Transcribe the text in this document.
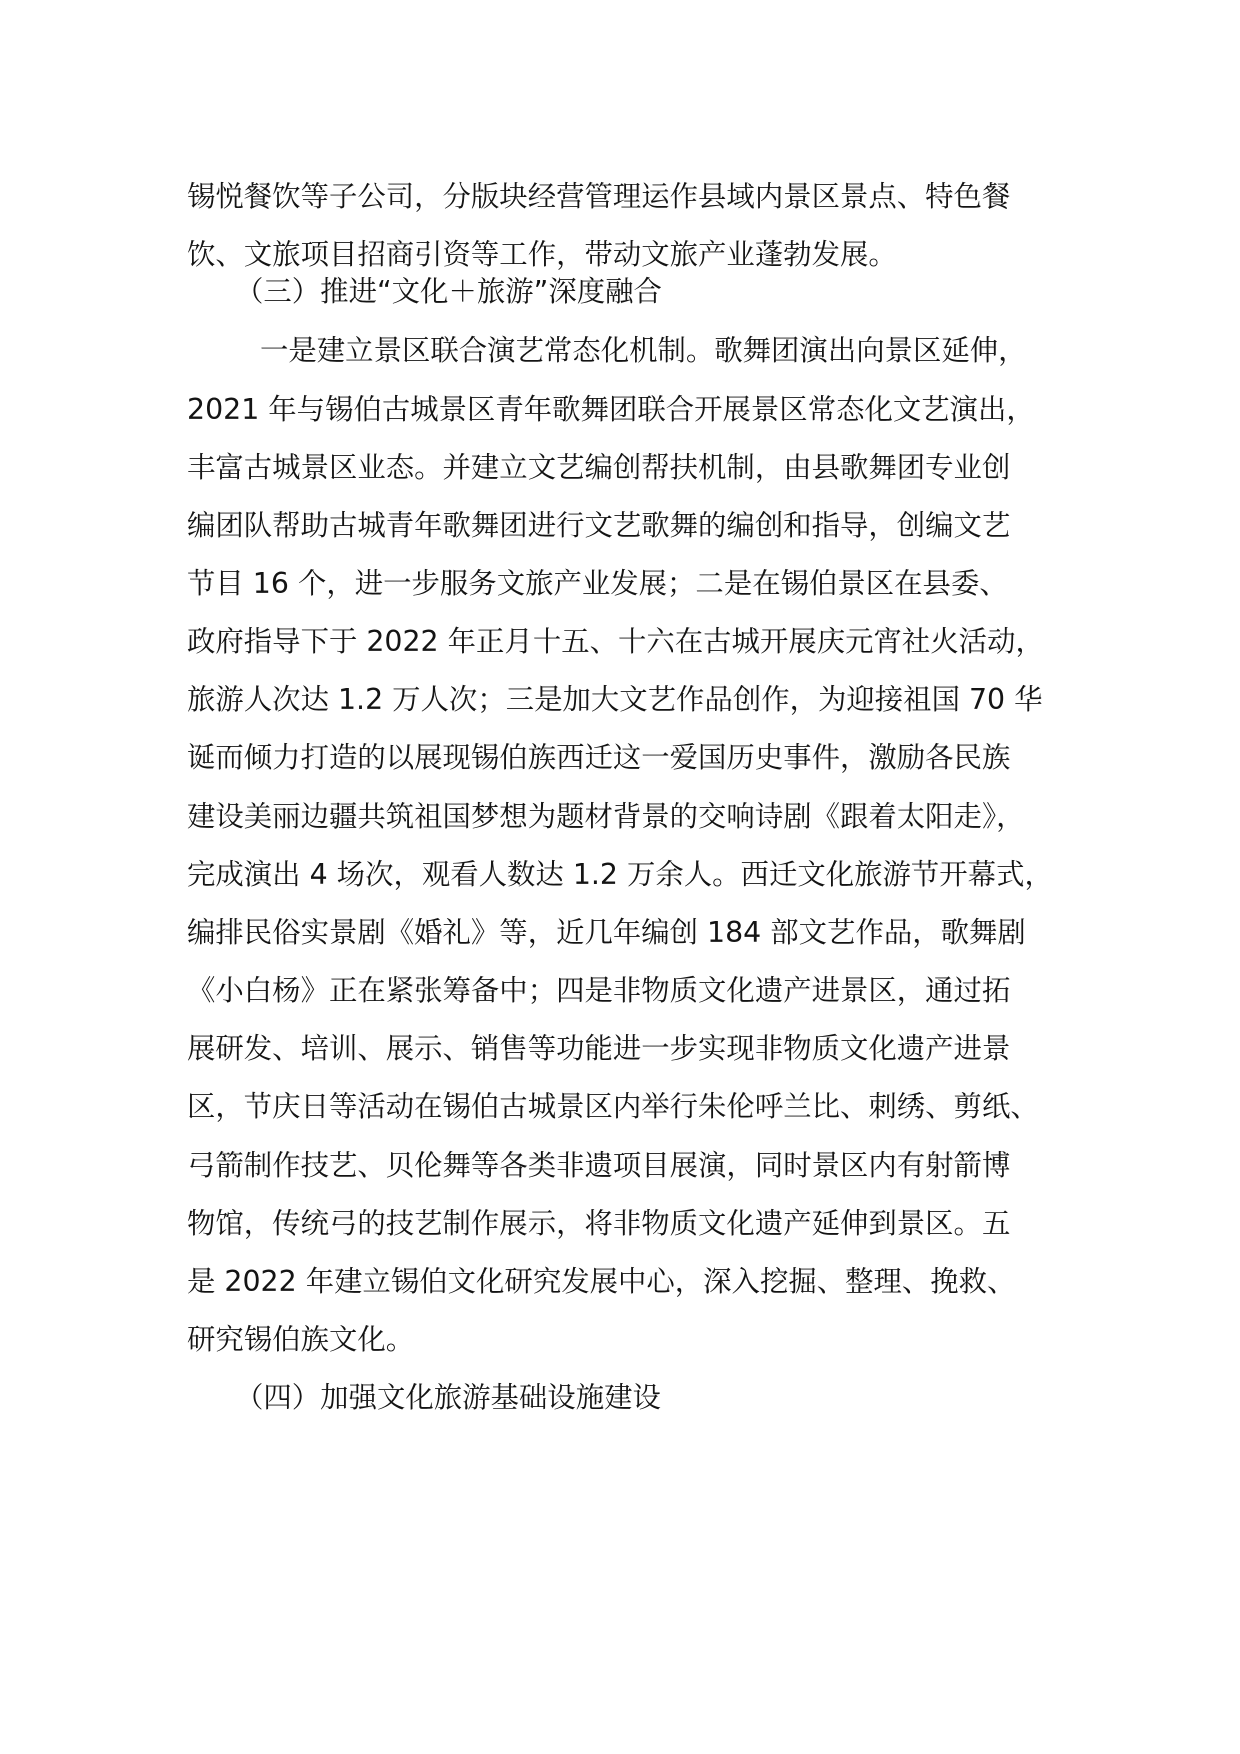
锡悦餐饮等子公司，分版块经营管理运作县域内景区景点、特色餐
饮、文旅项目招商引资等工作，带动文旅产业蓬勃发展。
（三）推进“文化＋旅游”深度融合
一是建立景区联合演艺常态化机制。歌舞团演出向景区延伸，
2021 年与锡伯古城景区青年歌舞团联合开展景区常态化文艺演出，
丰富古城景区业态。并建立文艺编创帮扶机制，由县歌舞团专业创
编团队帮助古城青年歌舞团进行文艺歌舞的编创和指导，创编文艺
节目 16 个，进一步服务文旅产业发展；二是在锡伯景区在县委、
政府指导下于 2022 年正月十五、十六在古城开展庆元宵社火活动，
旅游人次达 1.2 万人次；三是加大文艺作品创作，为迎接祖国 70 华
诞而倾力打造的以展现锡伯族西迁这一爱国历史事件，激励各民族
建设美丽边疆共筑祖国梦想为题材背景的交响诗剧《跟着太阳走》，
完成演出 4 场次，观看人数达 1.2 万余人。西迁文化旅游节开幕式，
编排民俗实景剧《婚礼》等，近几年编创 184 部文艺作品，歌舞剧
《小白杨》正在紧张筹备中；四是非物质文化遗产进景区，通过拓
展研发、培训、展示、销售等功能进一步实现非物质文化遗产进景
区，节庆日等活动在锡伯古城景区内举行朱伦呼兰比、刺绣、剪纸、
弓箭制作技艺、贝伦舞等各类非遗项目展演，同时景区内有射箭博
物馆，传统弓的技艺制作展示，将非物质文化遗产延伸到景区。五
是 2022 年建立锡伯文化研究发展中心，深入挖掘、整理、挽救、
研究锡伯族文化。
（四）加强文化旅游基础设施建设
